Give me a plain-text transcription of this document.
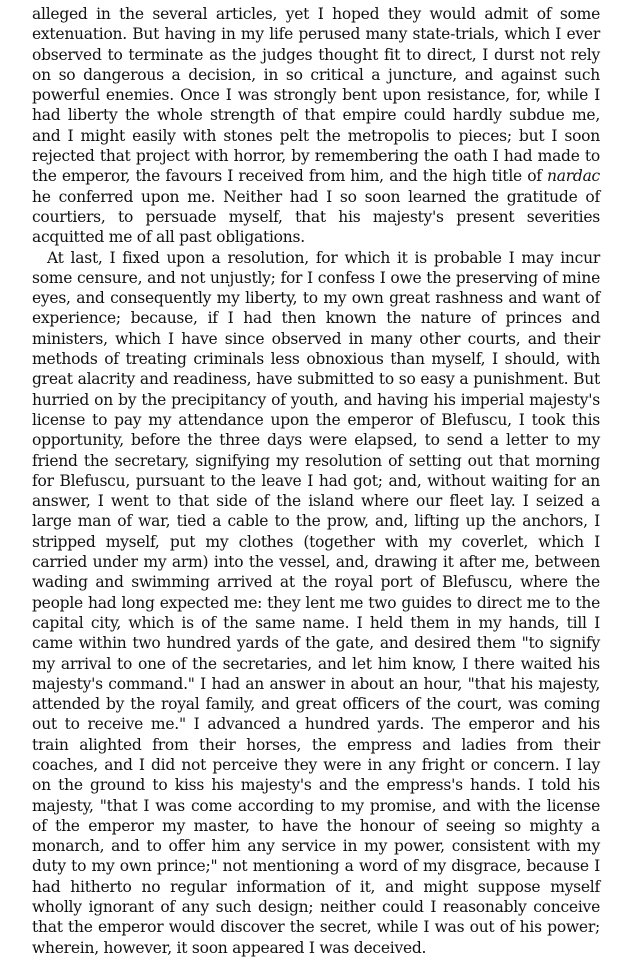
alleged in the several articles, yet I hoped they would admit of some extenuation. But having in my life perused many state-trials, which I ever observed to terminate as the judges thought fit to direct, I durst not rely on so dangerous a decision, in so critical a juncture, and against such powerful enemies. Once I was strongly bent upon resistance, for, while I had liberty the whole strength of that empire could hardly subdue me, and I might easily with stones pelt the metropolis to pieces; but I soon rejected that project with horror, by remembering the oath I had made to the emperor, the favours I received from him, and the high title of nardac he conferred upon me. Neither had I so soon learned the gratitude of courtiers, to persuade myself, that his majesty's present severities acquitted me of all past obligations.

At last, I fixed upon a resolution, for which it is probable I may incur some censure, and not unjustly; for I confess I owe the preserving of mine eyes, and consequently my liberty, to my own great rashness and want of experience; because, if I had then known the nature of princes and ministers, which I have since observed in many other courts, and their methods of treating criminals less obnoxious than myself, I should, with great alacrity and readiness, have submitted to so easy a punishment. But hurried on by the precipitancy of youth, and having his imperial majesty's license to pay my attendance upon the emperor of Blefuscu, I took this opportunity, before the three days were elapsed, to send a letter to my friend the secretary, signifying my resolution of setting out that morning for Blefuscu, pursuant to the leave I had got; and, without waiting for an answer, I went to that side of the island where our fleet lay. I seized a large man of war, tied a cable to the prow, and, lifting up the anchors, I stripped myself, put my clothes (together with my coverlet, which I carried under my arm) into the vessel, and, drawing it after me, between wading and swimming arrived at the royal port of Blefuscu, where the people had long expected me: they lent me two guides to direct me to the capital city, which is of the same name. I held them in my hands, till I came within two hundred yards of the gate, and desired them "to signify my arrival to one of the secretaries, and let him know, I there waited his majesty's command." I had an answer in about an hour, "that his majesty, attended by the royal family, and great officers of the court, was coming out to receive me." I advanced a hundred yards. The emperor and his train alighted from their horses, the empress and ladies from their coaches, and I did not perceive they were in any fright or concern. I lay on the ground to kiss his majesty's and the empress's hands. I told his majesty, "that I was come according to my promise, and with the license of the emperor my master, to have the honour of seeing so mighty a monarch, and to offer him any service in my power, consistent with my duty to my own prince;" not mentioning a word of my disgrace, because I had hitherto no regular information of it, and might suppose myself wholly ignorant of any such design; neither could I reasonably conceive that the emperor would discover the secret, while I was out of his power; wherein, however, it soon appeared I was deceived.
